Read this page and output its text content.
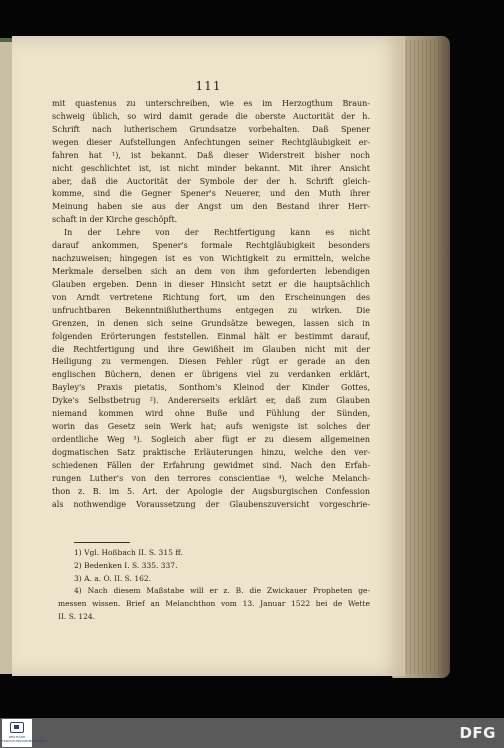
111

mit quastenus zu unterschreiben, wie es im Herzogthum Braun-
schweig üblich, so wird damit gerade die oberste Auctorität der h.
Schrift nach lutherischem Grundsatze vorbehalten. Daß Spener
wegen dieser Aufstellungen Anfechtungen seiner Rechtgläubigkeit er-
fahren hat ¹), ist bekannt. Daß dieser Widerstreit bisher noch
nicht geschlichtet ist, ist nicht minder bekannt. Mit ihrer Ansicht
aber, daß die Auctorität der Symbole der der h. Schrift gleich-
komme, sind die Gegner Spener's Neuerer, und den Muth ihrer
Meinung haben sie aus der Angst um den Bestand ihrer Herr-
schaft in der Kirche geschöpft.
In der Lehre von der Rechtfertigung kann es nicht
darauf ankommen, Spener's formale Rechtgläubigkeit besonders
nachzuweisen; hingegen ist es von Wichtigkeit zu ermitteln, welche
Merkmale derselben sich an dem von ihm geforderten lebendigen
Glauben ergeben. Denn in dieser Hinsicht setzt er die hauptsächlich
von Arndt vertretene Richtung fort, um den Erscheinungen des
unfruchtbaren Bekenntnißlutherthums entgegen zu wirken. Die
Grenzen, in denen sich seine Grundsätze bewegen, lassen sich in
folgenden Erörterungen feststellen. Einmal hält er bestimmt darauf,
die Rechtfertigung und ihre Gewißheit im Glauben nicht mit der
Heiligung zu vermengen. Diesen Fehler rügt er gerade an den
englischen Büchern, denen er übrigens viel zu verdanken erklärt,
Bayley's Praxis pietatis, Sonthom's Kleinod der Kinder Gottes,
Dyke's Selbstbetrug ²). Andererseits erklärt er, daß zum Glauben
niemand kommen wird ohne Buße und Fühlung der Sünden,
worin das Gesetz sein Werk hat; aufs wenigste ist solches der
ordentliche Weg ³). Sogleich aber fügt er zu diesem allgemeinen
dogmatischen Satz praktische Erläuterungen hinzu, welche den ver-
schiedenen Fällen der Erfahrung gewidmet sind. Nach den Erfah-
rungen Luther's von den terrores conscientiae ⁴), welche Melanch-
thon z. B. im 5. Art. der Apologie der Augsburgischen Confession
als nothwendige Voraussetzung der Glaubenszuversicht vorgeschrie-

1) Vgl. Hoßbach II. S. 315 ff.
2) Bedenken I. S. 335. 337.
3) A. a. O. II. S. 162.
4) Nach diesem Maßstabe will er z. B. die Zwickauer Propheten ge-
messen wissen. Brief an Melanchthon vom 13. Januar 1522 bei de Wette
II. S. 124.
DEUTSCHE FORSCHUNGSGEMEINSCHAFT	DFG
